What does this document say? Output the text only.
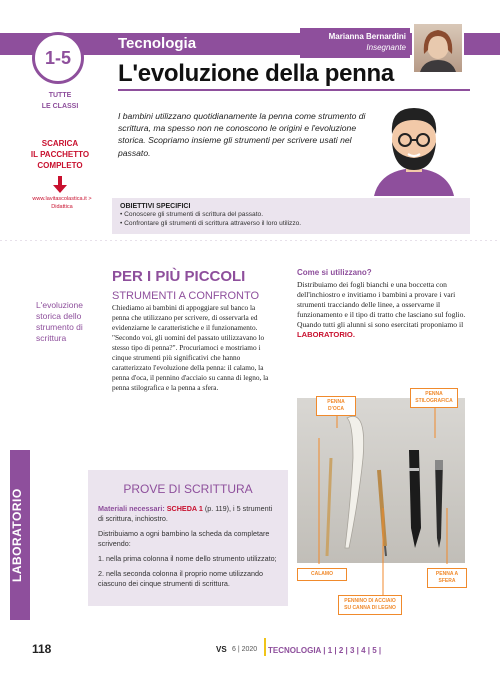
Tecnologia	Marianna Bernardini
Insegnante
1-5
L'evoluzione della penna
TUTTE
LE CLASSI
SCARICA
IL PACCHETTO
COMPLETO
www.lavitascolastica.it >
Didattica
I bambini utilizzano quotidianamente la penna come strumento di scrittura, ma spesso non ne conoscono le origini e l'evoluzione storica. Scopriamo insieme gli strumenti per scrivere usati nel passato.
OBIETTIVI SPECIFICI
• Conoscere gli strumenti di scrittura del passato.
• Confrontare gli strumenti di scrittura attraverso il loro utilizzo.
L'evoluzione storica dello strumento di scrittura
PER I PIÙ PICCOLI
STRUMENTI A CONFRONTO
Chiediamo ai bambini di appoggiare sul banco la penna che utilizzano per scrivere, di osservarla ed evidenziarne le caratteristiche e il funzionamento. "Secondo voi, gli uomini del passato utilizzavano lo stesso tipo di penna?". Procuriamoci e mostriamo i cinque strumenti più significativi che hanno caratterizzato l'evoluzione della penna: il calamo, la penna d'oca, il pennino d'acciaio su canna di legno, la penna stilografica e la penna a sfera.
Come si utilizzano?
Distribuiamo dei fogli bianchi e una boccetta con dell'inchiostro e invitiamo i bambini a provare i vari strumenti tracciando delle linee, a osservarne il funzionamento e il tipo di tratto che lasciano sul foglio. Quando tutti gli alunni si sono esercitati proponiamo il LABORATORIO.
PENNA D'OCA
PENNA STILOGRAFICA
CALAMO	PENNA A SFERA
PENNINO DI ACCIAIO SU CANNA DI LEGNO
LABORATORIO	PROVE DI SCRITTURA
Materiali necessari: SCHEDA 1 (p. 119), i 5 strumenti di scrittura, inchiostro.
Distribuiamo a ogni bambino la scheda da completare scrivendo:
1. nella prima colonna il nome dello strumento utilizzato;
2. nella seconda colonna il proprio nome utilizzando ciascuno dei cinque strumenti di scrittura.
118	VS 6 | 2020 TECNOLOGIA | 1 | 2 | 3 | 4 | 5 |
